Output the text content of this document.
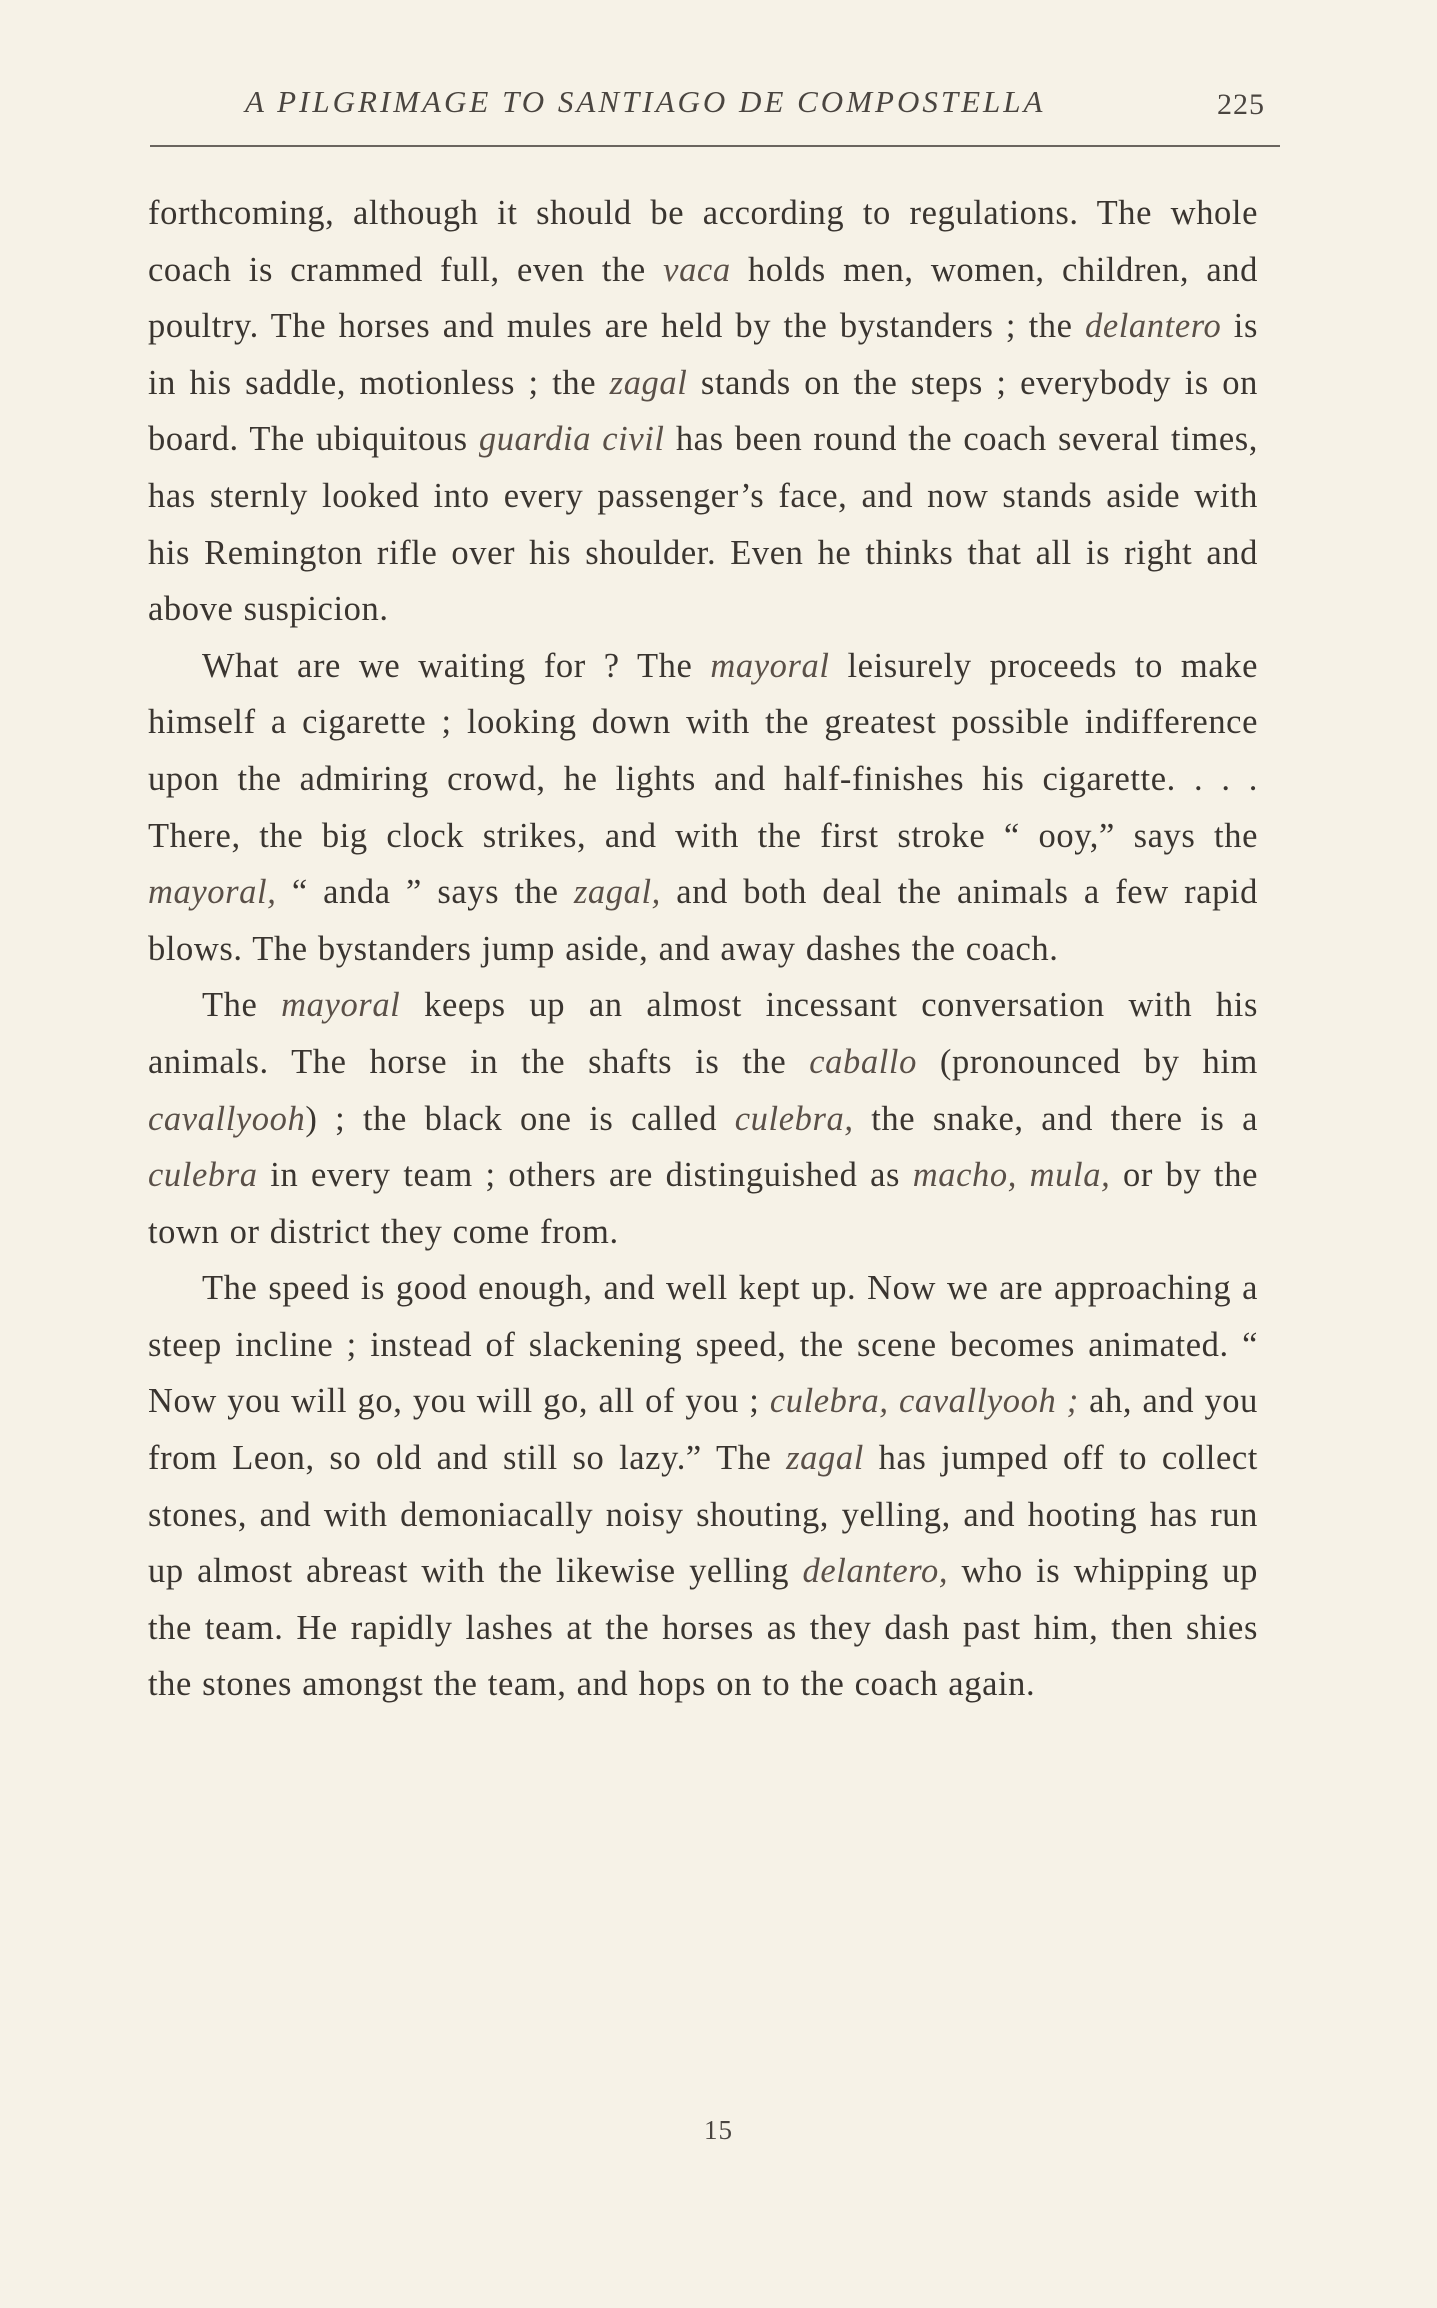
A PILGRIMAGE TO SANTIAGO DE COMPOSTELLA	225

forthcoming, although it should be according to regulations. The whole coach is crammed full, even the vaca holds men, women, children, and poultry. The horses and mules are held by the bystanders ; the delantero is in his saddle, motionless ; the zagal stands on the steps ; everybody is on board. The ubiquitous guardia civil has been round the coach several times, has sternly looked into every passenger’s face, and now stands aside with his Remington rifle over his shoulder. Even he thinks that all is right and above suspicion.

What are we waiting for ? The mayoral leisurely proceeds to make himself a cigarette ; looking down with the greatest possible indifference upon the admiring crowd, he lights and half-finishes his cigarette. . . . There, the big clock strikes, and with the first stroke “ ooy,” says the mayoral, “ anda ” says the zagal, and both deal the animals a few rapid blows. The bystanders jump aside, and away dashes the coach.

The mayoral keeps up an almost incessant conversation with his animals. The horse in the shafts is the caballo (pronounced by him cavallyooh) ; the black one is called culebra, the snake, and there is a culebra in every team ; others are distinguished as macho, mula, or by the town or district they come from.

The speed is good enough, and well kept up. Now we are approaching a steep incline ; instead of slackening speed, the scene becomes animated. “ Now you will go, you will go, all of you ; culebra, cavallyooh ; ah, and you from Leon, so old and still so lazy.” The zagal has jumped off to collect stones, and with demoniacally noisy shouting, yelling, and hooting has run up almost abreast with the likewise yelling delantero, who is whipping up the team. He rapidly lashes at the horses as they dash past him, then shies the stones amongst the team, and hops on to the coach again.

15
